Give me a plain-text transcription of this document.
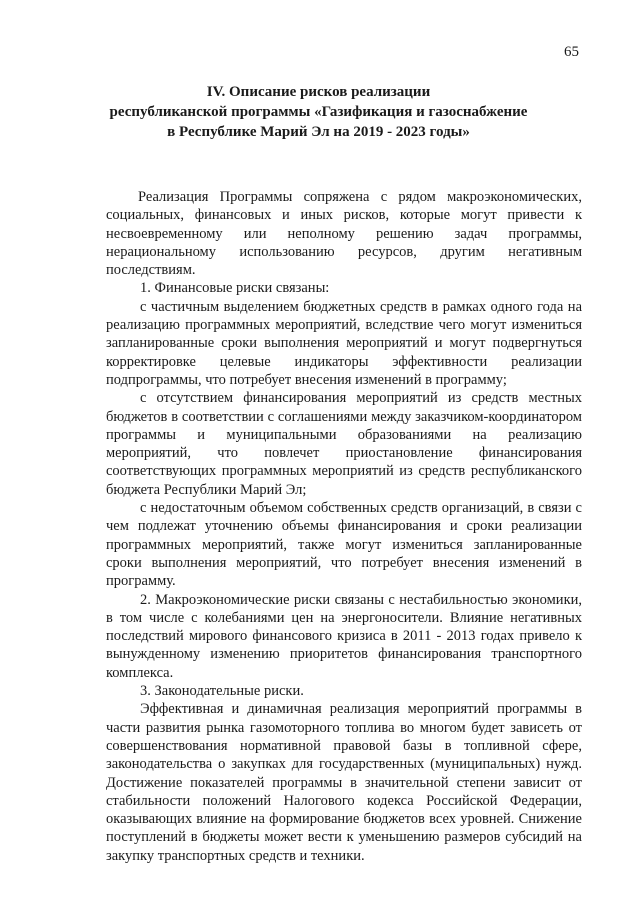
65
IV. Описание рисков реализации
республиканской программы «Газификация и газоснабжение
в Республике Марий Эл на 2019 - 2023 годы»

Реализация Программы сопряжена с рядом макроэкономических, социальных, финансовых и иных рисков, которые могут привести к несвоевременному или неполному решению задач программы, нерациональному использованию ресурсов, другим негативным последствиям.

1. Финансовые риски связаны:

с частичным выделением бюджетных средств в рамках одного года на реализацию программных мероприятий, вследствие чего могут измениться запланированные сроки выполнения мероприятий и могут подвергнуться корректировке целевые индикаторы эффективности реализации подпрограммы, что потребует внесения изменений в программу;

с отсутствием финансирования мероприятий из средств местных бюджетов в соответствии с соглашениями между заказчиком-координатором программы и муниципальными образованиями на реализацию мероприятий, что повлечет приостановление финансирования соответствующих программных мероприятий из средств республиканского бюджета Республики Марий Эл;

с недостаточным объемом собственных средств организаций, в связи с чем подлежат уточнению объемы финансирования и сроки реализации программных мероприятий, также могут измениться запланированные сроки выполнения мероприятий, что потребует внесения изменений в программу.

2. Макроэкономические риски связаны с нестабильностью экономики, в том числе с колебаниями цен на энергоносители. Влияние негативных последствий мирового финансового кризиса в 2011 - 2013 годах привело к вынужденному изменению приоритетов финансирования транспортного комплекса.

3. Законодательные риски.

Эффективная и динамичная реализация мероприятий программы в части развития рынка газомоторного топлива во многом будет зависеть от совершенствования нормативной правовой базы в топливной сфере, законодательства о закупках для государственных (муниципальных) нужд. Достижение показателей программы в значительной степени зависит от стабильности положений Налогового кодекса Российской Федерации, оказывающих влияние на формирование бюджетов всех уровней. Снижение поступлений в бюджеты может вести к уменьшению размеров субсидий на закупку транспортных средств и техники.
